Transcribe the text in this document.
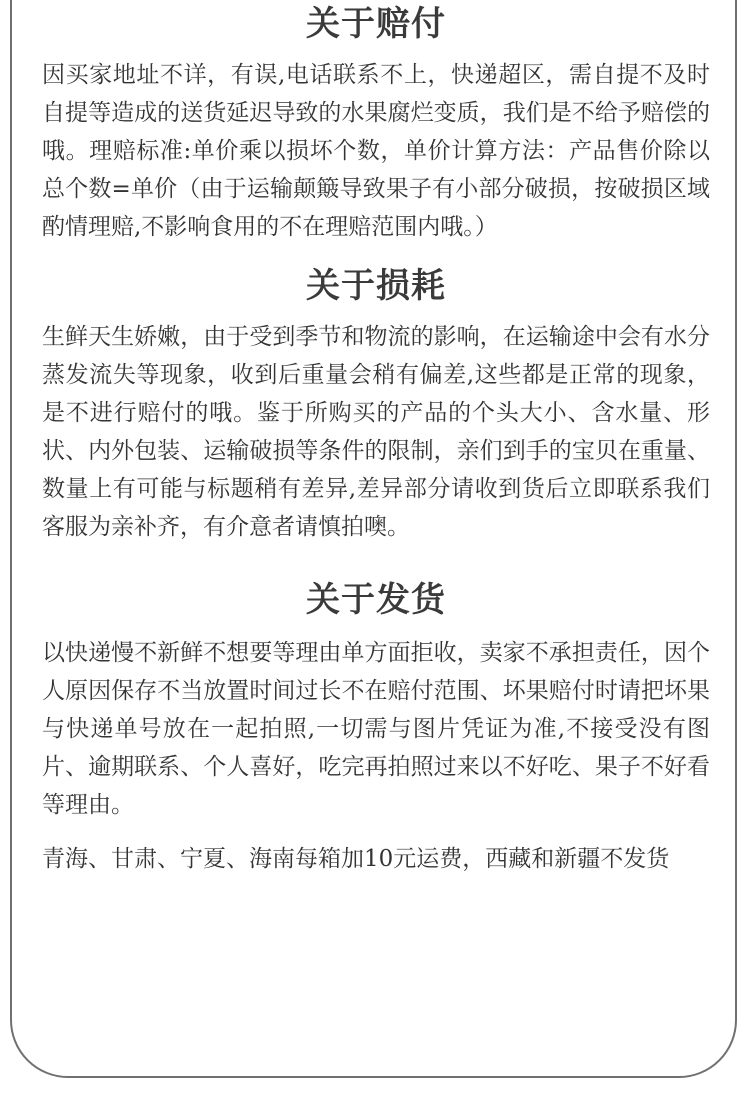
关于赔付

因买家地址不详，有误,电话联系不上，快递超区，需自提不及时自提等造成的送货延迟导致的水果腐烂变质，我们是不给予赔偿的哦。理赔标准:单价乘以损坏个数，单价计算方法：产品售价除以总个数=单价（由于运输颠簸导致果子有小部分破损，按破损区域酌情理赔,不影响食用的不在理赔范围内哦。）

关于损耗

生鲜天生娇嫩，由于受到季节和物流的影响，在运输途中会有水分蒸发流失等现象，收到后重量会稍有偏差,这些都是正常的现象，是不进行赔付的哦。鉴于所购买的产品的个头大小、含水量、形状、内外包装、运输破损等条件的限制，亲们到手的宝贝在重量、数量上有可能与标题稍有差异,差异部分请收到货后立即联系我们客服为亲补齐，有介意者请慎拍噢。

关于发货

以快递慢不新鲜不想要等理由单方面拒收，卖家不承担责任，因个人原因保存不当放置时间过长不在赔付范围、坏果赔付时请把坏果与快递单号放在一起拍照,一切需与图片凭证为准,不接受没有图片、逾期联系、个人喜好，吃完再拍照过来以不好吃、果子不好看等理由。

青海、甘肃、宁夏、海南每箱加10元运费，西藏和新疆不发货
